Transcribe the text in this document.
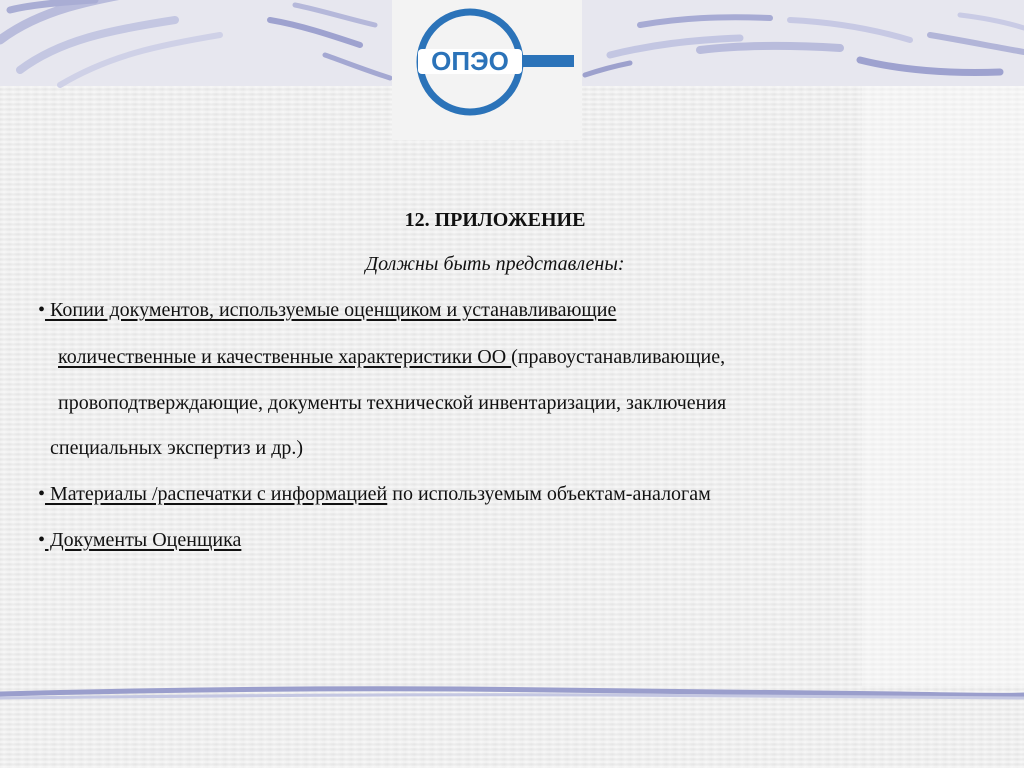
ОПЭО
12. ПРИЛОЖЕНИЕ
Должны быть представлены:
• Копии документов, используемые оценщиком и устанавливающие
количественные и качественные характеристики ОО (правоустанавливающие,
провоподтверждающие, документы технической инвентаризации, заключения
специальных экспертиз и др.)
• Материалы /распечатки с информацией по используемым объектам-аналогам
• Документы Оценщика
